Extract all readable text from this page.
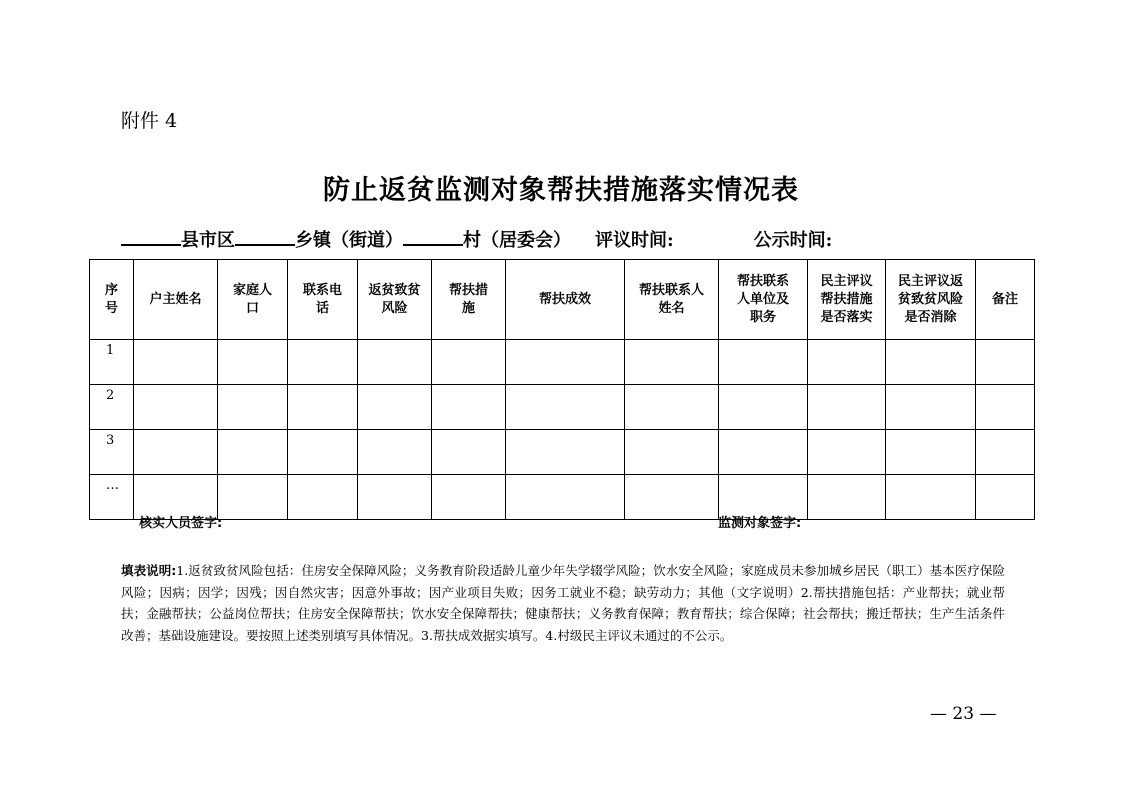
附件 4
防止返贫监测对象帮扶措施落实情况表
县市区	乡镇（街道）	村（居委会） 评议时间:	公示时间:
序号	户主姓名	家庭人口	联系电话	返贫致贫风险	帮扶措施	帮扶成效	帮扶联系人姓名	帮扶联系人单位及职务	民主评议帮扶措施是否落实	民主评议返贫致贫风险是否消除	备注
1											
2											
3											
…											
核实人员签字:	监测对象签字:
填表说明:1.返贫致贫风险包括：住房安全保障风险；义务教育阶段适龄儿童少年失学辍学风险；饮水安全风险；家庭成员未参加城乡居民（职工）基本医疗保险风险；因病；因学；因残；因自然灾害；因意外事故；因产业项目失败；因务工就业不稳；缺劳动力；其他（文字说明）2.帮扶措施包括：产业帮扶；就业帮扶；金融帮扶；公益岗位帮扶；住房安全保障帮扶；饮水安全保障帮扶；健康帮扶；义务教育保障；教育帮扶；综合保障；社会帮扶；搬迁帮扶；生产生活条件改善；基础设施建设。要按照上述类别填写具体情况。3.帮扶成效据实填写。4.村级民主评议未通过的不公示。
— 23 —
